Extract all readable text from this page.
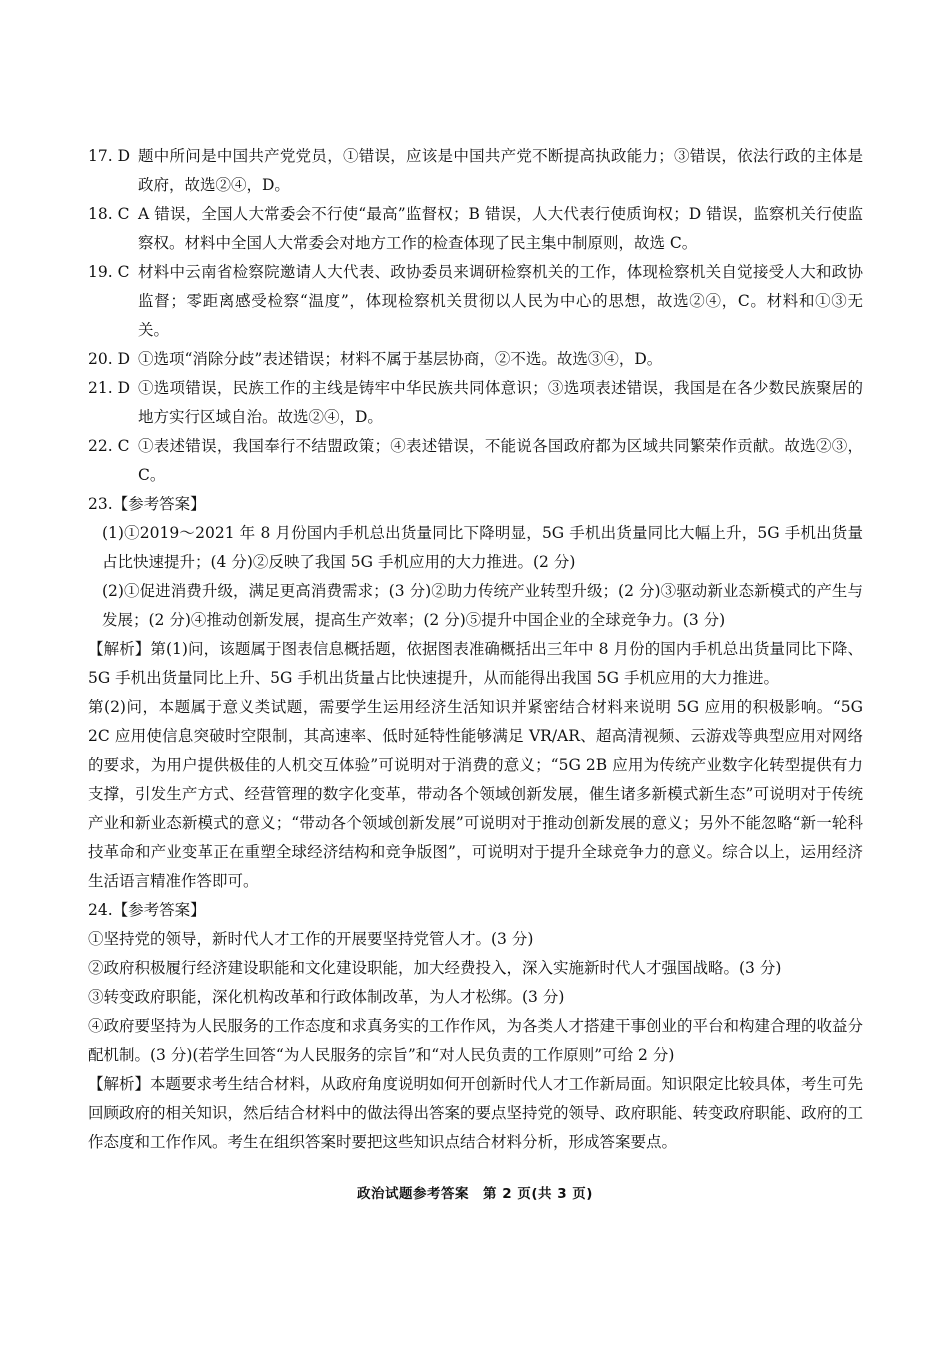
17. D 题中所问是中国共产党党员，①错误，应该是中国共产党不断提高执政能力；③错误，依法行政的主体是政府，故选②④，D。
18. C A 错误，全国人大常委会不行使“最高”监督权；B 错误，人大代表行使质询权；D 错误，监察机关行使监察权。材料中全国人大常委会对地方工作的检查体现了民主集中制原则，故选 C。
19. C 材料中云南省检察院邀请人大代表、政协委员来调研检察机关的工作，体现检察机关自觉接受人大和政协监督；零距离感受检察“温度”，体现检察机关贯彻以人民为中心的思想，故选②④，C。材料和①③无关。
20. D ①选项“消除分歧”表述错误；材料不属于基层协商，②不选。故选③④，D。
21. D ①选项错误，民族工作的主线是铸牢中华民族共同体意识；③选项表述错误，我国是在各少数民族聚居的地方实行区域自治。故选②④，D。
22. C ①表述错误，我国奉行不结盟政策；④表述错误，不能说各国政府都为区域共同繁荣作贡献。故选②③，C。
23.【参考答案】
(1)①2019～2021 年 8 月份国内手机总出货量同比下降明显，5G 手机出货量同比大幅上升，5G 手机出货量占比快速提升；(4 分)②反映了我国 5G 手机应用的大力推进。(2 分)
(2)①促进消费升级，满足更高消费需求；(3 分)②助力传统产业转型升级；(2 分)③驱动新业态新模式的产生与发展；(2 分)④推动创新发展，提高生产效率；(2 分)⑤提升中国企业的全球竞争力。(3 分)
【解析】第(1)问，该题属于图表信息概括题，依据图表准确概括出三年中 8 月份的国内手机总出货量同比下降、5G 手机出货量同比上升、5G 手机出货量占比快速提升，从而能得出我国 5G 手机应用的大力推进。
第(2)问，本题属于意义类试题，需要学生运用经济生活知识并紧密结合材料来说明 5G 应用的积极影响。“5G 2C 应用使信息突破时空限制，其高速率、低时延特性能够满足 VR/AR、超高清视频、云游戏等典型应用对网络的要求，为用户提供极佳的人机交互体验”可说明对于消费的意义；“5G 2B 应用为传统产业数字化转型提供有力支撑，引发生产方式、经营管理的数字化变革，带动各个领域创新发展，催生诸多新模式新生态”可说明对于传统产业和新业态新模式的意义；“带动各个领域创新发展”可说明对于推动创新发展的意义；另外不能忽略“新一轮科技革命和产业变革正在重塑全球经济结构和竞争版图”，可说明对于提升全球竞争力的意义。综合以上，运用经济生活语言精准作答即可。
24.【参考答案】
①坚持党的领导，新时代人才工作的开展要坚持党管人才。(3 分)
②政府积极履行经济建设职能和文化建设职能，加大经费投入，深入实施新时代人才强国战略。(3 分)
③转变政府职能，深化机构改革和行政体制改革，为人才松绑。(3 分)
④政府要坚持为人民服务的工作态度和求真务实的工作作风，为各类人才搭建干事创业的平台和构建合理的收益分配机制。(3 分)(若学生回答“为人民服务的宗旨”和“对人民负责的工作原则”可给 2 分)
【解析】本题要求考生结合材料，从政府角度说明如何开创新时代人才工作新局面。知识限定比较具体，考生可先回顾政府的相关知识，然后结合材料中的做法得出答案的要点坚持党的领导、政府职能、转变政府职能、政府的工作态度和工作作风。考生在组织答案时要把这些知识点结合材料分析，形成答案要点。
政治试题参考答案　第 2 页(共 3 页)
